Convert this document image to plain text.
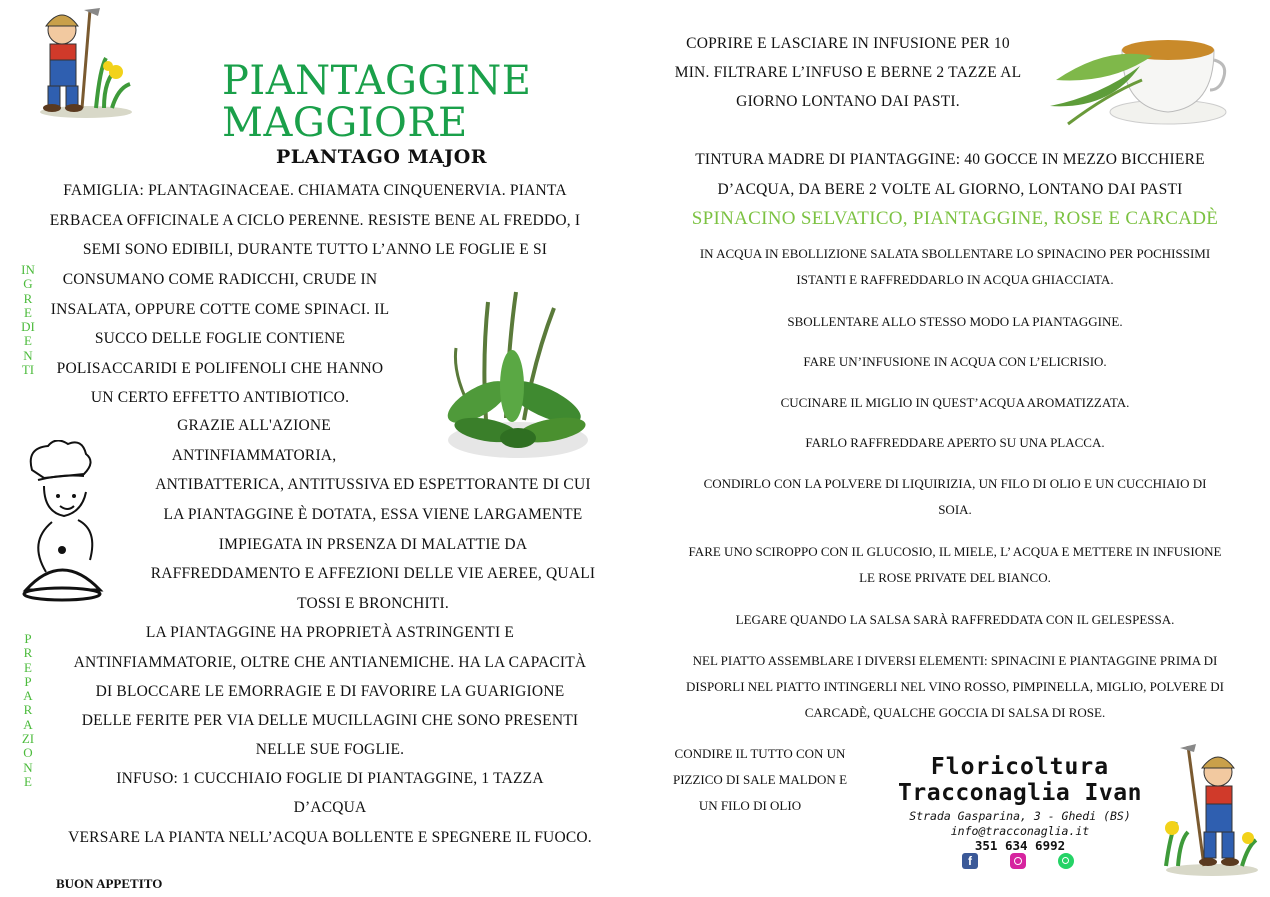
PIANTAGGINE MAGGIORE
PLANTAGO MAJOR
INGREDIENTI
PREPARAZIONE
FAMIGLIA: PLANTAGINACEAE. CHIAMATA CINQUENERVIA. PIANTA
ERBACEA OFFICINALE A CICLO PERENNE. RESISTE BENE AL FREDDO, I
SEMI SONO EDIBILI, DURANTE TUTTO L’ANNO LE FOGLIE E SI
CONSUMANO COME RADICCHI, CRUDE IN
INSALATA, OPPURE COTTE COME SPINACI. IL
SUCCO DELLE FOGLIE CONTIENE
POLISACCARIDI E POLIFENOLI CHE HANNO
UN CERTO EFFETTO ANTIBIOTICO.
GRAZIE ALL'AZIONE
ANTINFIAMMATORIA,
ANTIBATTERICA, ANTITUSSIVA ED ESPETTORANTE DI CUI
LA PIANTAGGINE È DOTATA, ESSA VIENE LARGAMENTE
IMPIEGATA IN PRSENZA DI MALATTIE DA
RAFFREDDAMENTO E AFFEZIONI DELLE VIE AEREE, QUALI
TOSSI E BRONCHITI.
LA PIANTAGGINE HA PROPRIETÀ ASTRINGENTI E
ANTINFIAMMATORIE, OLTRE CHE ANTIANEMICHE. HA LA CAPACITÀ
DI BLOCCARE LE EMORRAGIE E DI FAVORIRE LA GUARIGIONE
DELLE FERITE PER VIA DELLE MUCILLAGINI CHE SONO PRESENTI
NELLE SUE FOGLIE.
INFUSO: 1 CUCCHIAIO FOGLIE DI PIANTAGGINE, 1 TAZZA
D’ACQUA
VERSARE LA PIANTA NELL’ACQUA BOLLENTE E SPEGNERE IL FUOCO.
BUON APPETITO
COPRIRE E LASCIARE IN INFUSIONE PER 10
MIN. FILTRARE L’INFUSO E BERNE 2 TAZZE AL
GIORNO LONTANO DAI PASTI.
TINTURA MADRE DI PIANTAGGINE: 40 GOCCE IN MEZZO BICCHIERE
D’ACQUA, DA BERE 2 VOLTE AL GIORNO, LONTANO DAI PASTI
SPINACINO SELVATICO, PIANTAGGINE, ROSE E CARCADÈ
IN ACQUA IN EBOLLIZIONE SALATA SBOLLENTARE LO SPINACINO PER POCHISSIMI
ISTANTI E RAFFREDDARLO IN ACQUA GHIACCIATA.
SBOLLENTARE ALLO STESSO MODO LA PIANTAGGINE.
FARE UN’INFUSIONE IN ACQUA CON L’ELICRISIO.
CUCINARE IL MIGLIO IN QUEST’ACQUA AROMATIZZATA.
FARLO RAFFREDDARE APERTO SU UNA PLACCA.
CONDIRLO CON LA POLVERE DI LIQUIRIZIA, UN FILO DI OLIO E UN CUCCHIAIO DI
SOIA.
FARE UNO SCIROPPO CON IL GLUCOSIO, IL MIELE, L’ ACQUA E METTERE IN INFUSIONE
LE ROSE PRIVATE DEL BIANCO.
LEGARE QUANDO LA SALSA SARÀ RAFFREDDATA CON IL GELESPESSA.
NEL PIATTO ASSEMBLARE I DIVERSI ELEMENTI: SPINACINI E PIANTAGGINE PRIMA DI
DISPORLI NEL PIATTO INTINGERLI NEL VINO ROSSO, PIMPINELLA, MIGLIO, POLVERE DI
CARCADÈ, QUALCHE GOCCIA DI SALSA DI ROSE.
CONDIRE IL TUTTO CON UN
PIZZICO DI SALE MALDON E
UN FILO DI OLIO
Floricoltura
Tracconaglia Ivan
Strada Gasparina, 3 - Ghedi (BS)
info@tracconaglia.it
351 634 6992
f
